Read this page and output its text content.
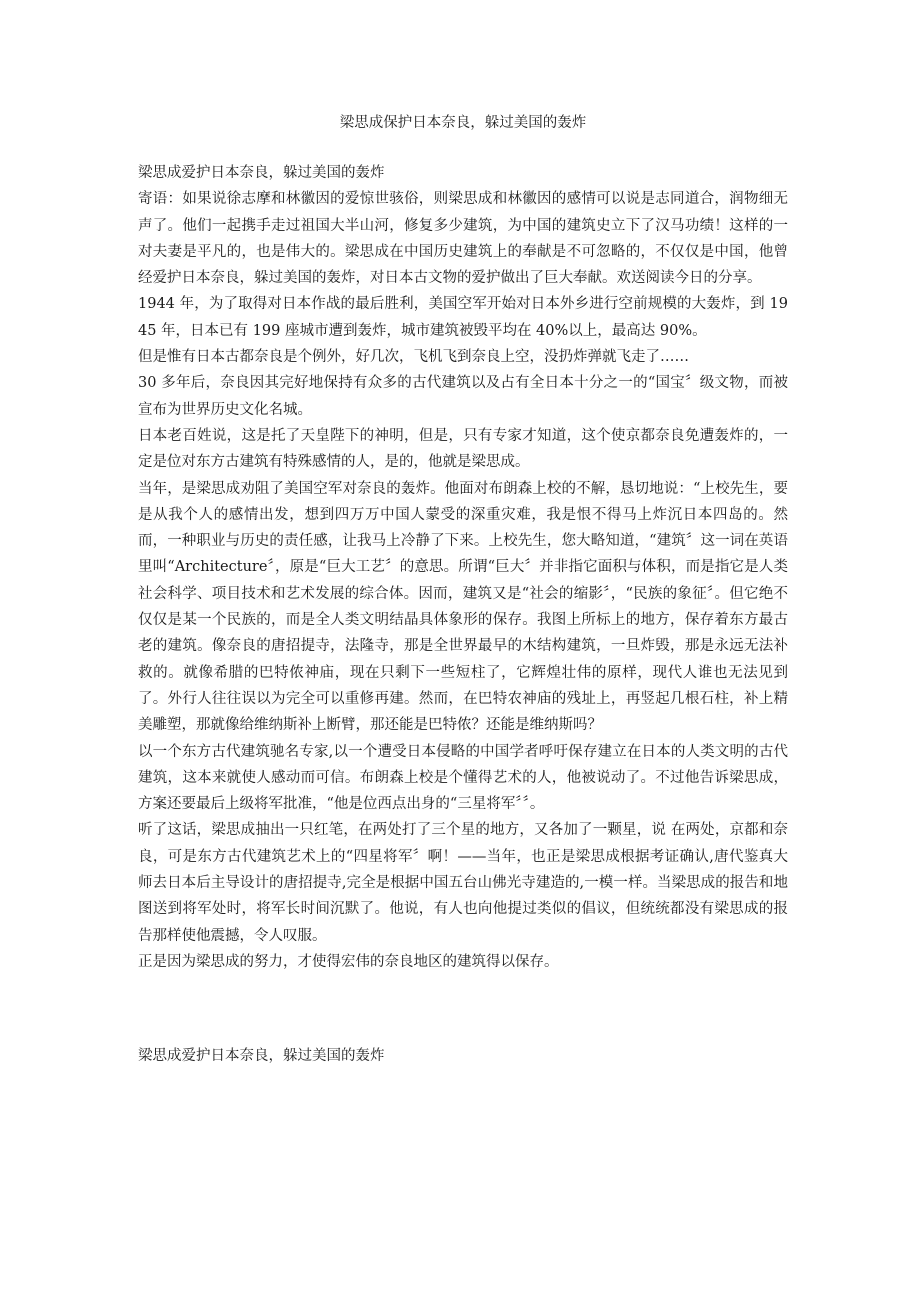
梁思成保护日本奈良，躲过美国的轰炸

梁思成爱护日本奈良，躲过美国的轰炸

寄语：如果说徐志摩和林徽因的爱惊世骇俗，则梁思成和林徽因的感情可以说是志同道合，润物细无声了。他们一起携手走过祖国大半山河，修复多少建筑，为中国的建筑史立下了汉马功绩！这样的一对夫妻是平凡的，也是伟大的。梁思成在中国历史建筑上的奉献是不可忽略的，不仅仅是中国，他曾经爱护日本奈良，躲过美国的轰炸，对日本古文物的爱护做出了巨大奉献。欢送阅读今日的分享。

1944 年，为了取得对日本作战的最后胜利，美国空军开始对日本外乡进行空前规模的大轰炸，到 1945 年，日本已有 199 座城市遭到轰炸，城市建筑被毁平均在 40%以上，最高达 90%。

但是惟有日本古都奈良是个例外，好几次，飞机飞到奈良上空，没扔炸弹就飞走了……

30 多年后，奈良因其完好地保持有众多的古代建筑以及占有全日本十分之一的“国宝〞级文物，而被宣布为世界历史文化名城。

日本老百姓说，这是托了天皇陛下的神明，但是，只有专家才知道，这个使京都奈良免遭轰炸的，一定是位对东方古建筑有特殊感情的人，是的，他就是梁思成。

当年，是梁思成劝阻了美国空军对奈良的轰炸。他面对布朗森上校的不解，恳切地说：“上校先生，要是从我个人的感情出发，想到四万万中国人蒙受的深重灾难，我是恨不得马上炸沉日本四岛的。然而，一种职业与历史的责任感，让我马上冷静了下来。上校先生，您大略知道，“建筑〞这一词在英语里叫“Architecture〞，原是“巨大工艺〞的意思。所谓“巨大〞并非指它面积与体积，而是指它是人类社会科学、项目技术和艺术发展的综合体。因而，建筑又是“社会的缩影〞，“民族的象征〞。但它绝不仅仅是某一个民族的，而是全人类文明结晶具体象形的保存。我图上所标上的地方，保存着东方最古老的建筑。像奈良的唐招提寺，法隆寺，那是全世界最早的木结构建筑，一旦炸毁，那是永远无法补救的。就像希腊的巴特侬神庙，现在只剩下一些短柱了，它辉煌壮伟的原样，现代人谁也无法见到了。外行人往往误以为完全可以重修再建。然而，在巴特农神庙的残址上，再竖起几根石柱，补上精美雕塑，那就像给维纳斯补上断臂，那还能是巴特侬？还能是维纳斯吗？

以一个东方古代建筑驰名专家,以一个遭受日本侵略的中国学者呼吁保存建立在日本的人类文明的古代建筑，这本来就使人感动而可信。布朗森上校是个懂得艺术的人，他被说动了。不过他告诉梁思成，方案还要最后上级将军批准，“他是位西点出身的“三星将军〞〞。

听了这话，梁思成抽出一只红笔，在两处打了三个星的地方，又各加了一颗星，说 在两处，京都和奈良，可是东方古代建筑艺术上的“四星将军〞啊！——当年，也正是梁思成根据考证确认,唐代鉴真大师去日本后主导设计的唐招提寺,完全是根据中国五台山佛光寺建造的,一模一样。当梁思成的报告和地图送到将军处时，将军长时间沉默了。他说，有人也向他提过类似的倡议，但统统都没有梁思成的报告那样使他震撼，令人叹服。

正是因为梁思成的努力，才使得宏伟的奈良地区的建筑得以保存。

梁思成爱护日本奈良，躲过美国的轰炸
